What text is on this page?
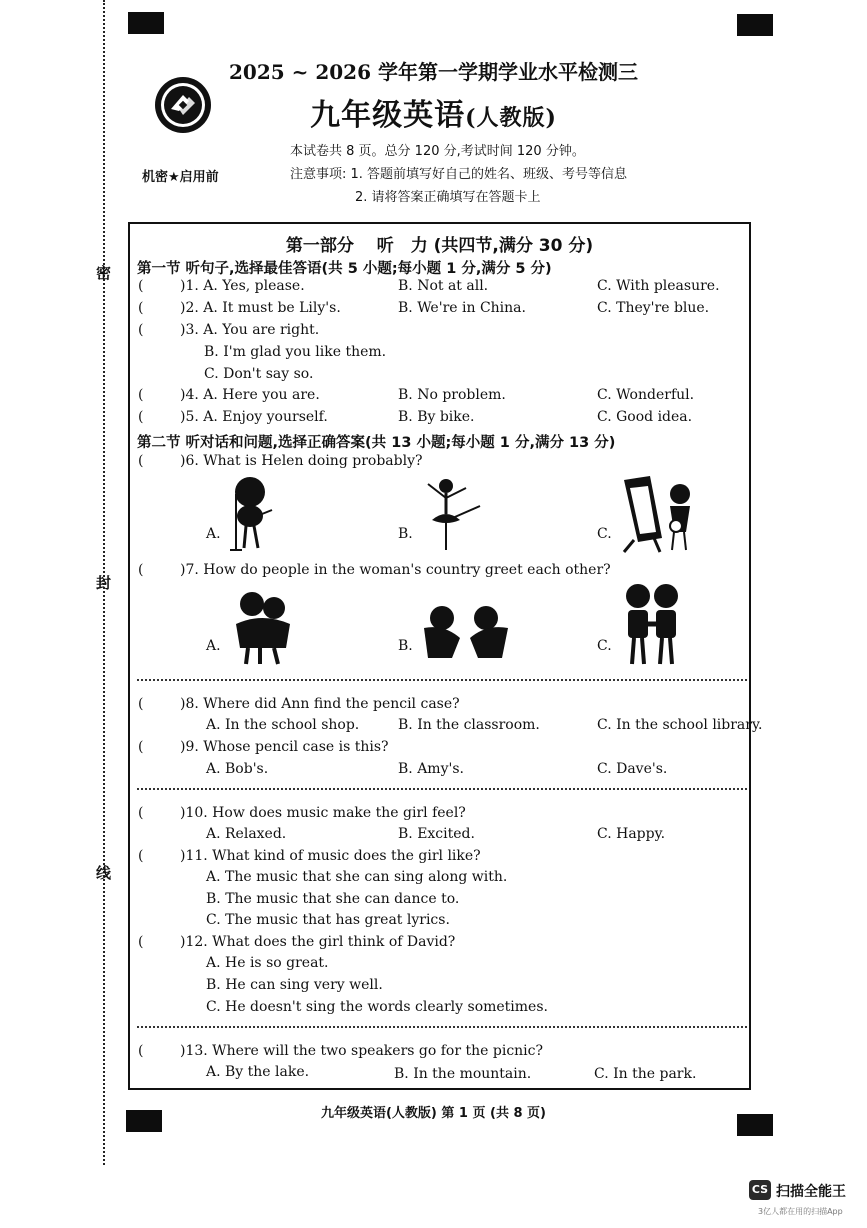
密
封
线
2025 ~ 2026 学年第一学期学业水平检测三
九年级英语(人教版)
本试卷共 8 页。总分 120 分,考试时间 120 分钟。
注意事项: 1. 答题前填写好自己的姓名、班级、考号等信息
2. 请将答案正确填写在答题卡上
机密★启用前
第一部分　 听　力 (共四节,满分 30 分)
第一节 听句子,选择最佳答语(共 5 小题;每小题 1 分,满分 5 分)
(	)1. A. Yes, please.	B. Not at all.	C. With pleasure.
(	)2. A. It must be Lily's.	B. We're in China.	C. They're blue.
(	)3. A. You are right.
B. I'm glad you like them.
C. Don't say so.
(	)4. A. Here you are.	B. No problem.	C. Wonderful.
(	)5. A. Enjoy yourself.	B. By bike.	C. Good idea.
第二节 听对话和问题,选择正确答案(共 13 小题;每小题 1 分,满分 13 分)
(	)6. What is Helen doing probably?
A.	B.	C.
(	)7. How do people in the woman's country greet each other?
A.	B.	C.
(	)8. Where did Ann find the pencil case?
A. In the school shop.	B. In the classroom.	C. In the school library.
(	)9. Whose pencil case is this?
A. Bob's.	B. Amy's.	C. Dave's.
(	)10. How does music make the girl feel?
A. Relaxed.	B. Excited.	C. Happy.
(	)11. What kind of music does the girl like?
A. The music that she can sing along with.
B. The music that she can dance to.
C. The music that has great lyrics.
(	)12. What does the girl think of David?
A. He is so great.
B. He can sing very well.
C. He doesn't sing the words clearly sometimes.
(	)13. Where will the two speakers go for the picnic?
A. By the lake.	B. In the mountain.	C. In the park.
九年级英语(人教版) 第 1 页 (共 8 页)
CS 扫描全能王
3亿人都在用的扫描App
